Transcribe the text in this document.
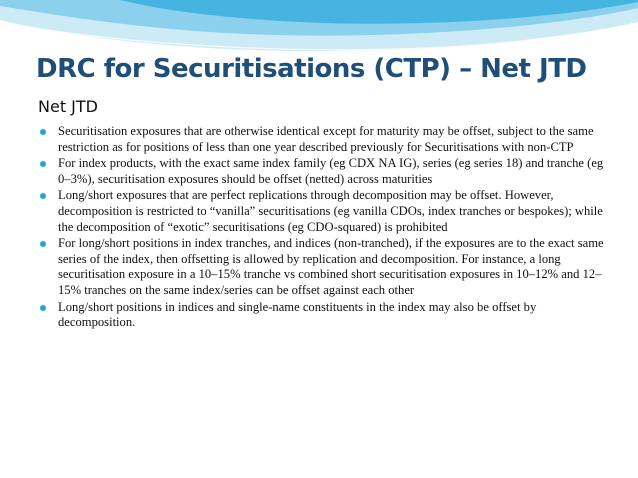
DRC for Securitisations (CTP) – Net JTD

Net JTD

Securitisation exposures that are otherwise identical except for maturity may be offset, subject to the same restriction as for positions of less than one year described previously for Securitisations with non-CTP
For index products, with the exact same index family (eg CDX NA IG), series (eg series 18) and tranche (eg 0–3%), securitisation exposures should be offset (netted) across maturities
Long/short exposures that are perfect replications through decomposition may be offset. However, decomposition is restricted to “vanilla” securitisations (eg vanilla CDOs, index tranches or bespokes); while the decomposition of “exotic” securitisations (eg CDO-squared) is prohibited
For long/short positions in index tranches, and indices (non-tranched), if the exposures are to the exact same series of the index, then offsetting is allowed by replication and decomposition. For instance, a long securitisation exposure in a 10–15% tranche vs combined short securitisation exposures in 10–12% and 12–15% tranches on the same index/series can be offset against each other
Long/short positions in indices and single-name constituents in the index may also be offset by decomposition.
